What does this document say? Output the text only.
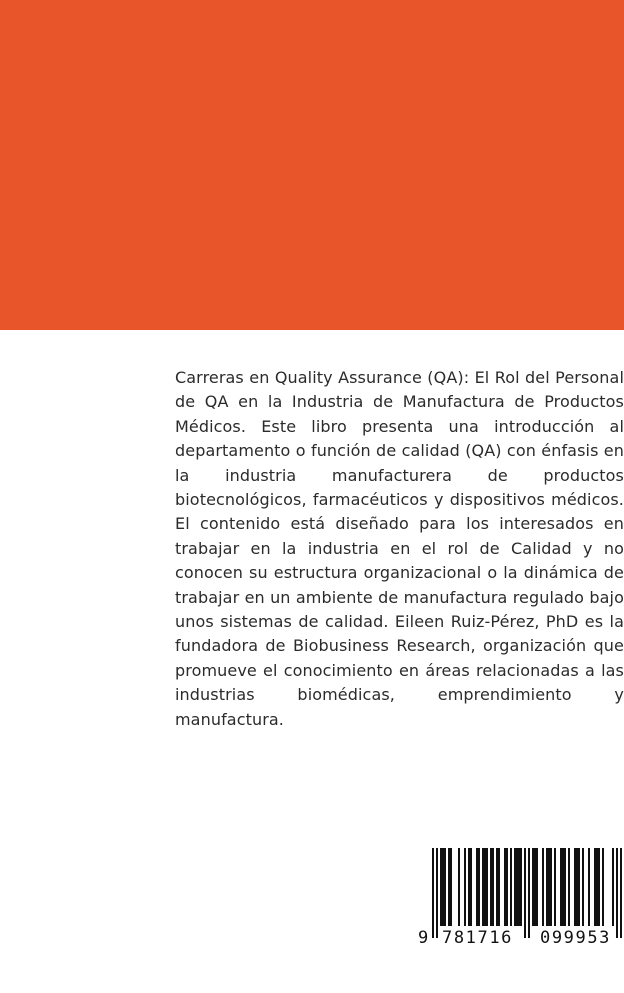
Carreras en Quality Assurance (QA): El Rol del Personal de QA en la Industria de Manufactura de Productos Médicos. Este libro presenta una introducción al departamento o función de calidad (QA) con énfasis en la industria manufacturera de productos biotecnológicos, farmacéuticos y dispositivos médicos. El contenido está diseñado para los interesados en trabajar en la industria en el rol de Calidad y no conocen su estructura organizacional o la dinámica de trabajar en un ambiente de manufactura regulado bajo unos sistemas de calidad. Eileen Ruiz-Pérez, PhD es la fundadora de Biobusiness Research, organización que promueve el conocimiento en áreas relacionadas a las industrias biomédicas, emprendimiento y manufactura.

9 781716 099953
